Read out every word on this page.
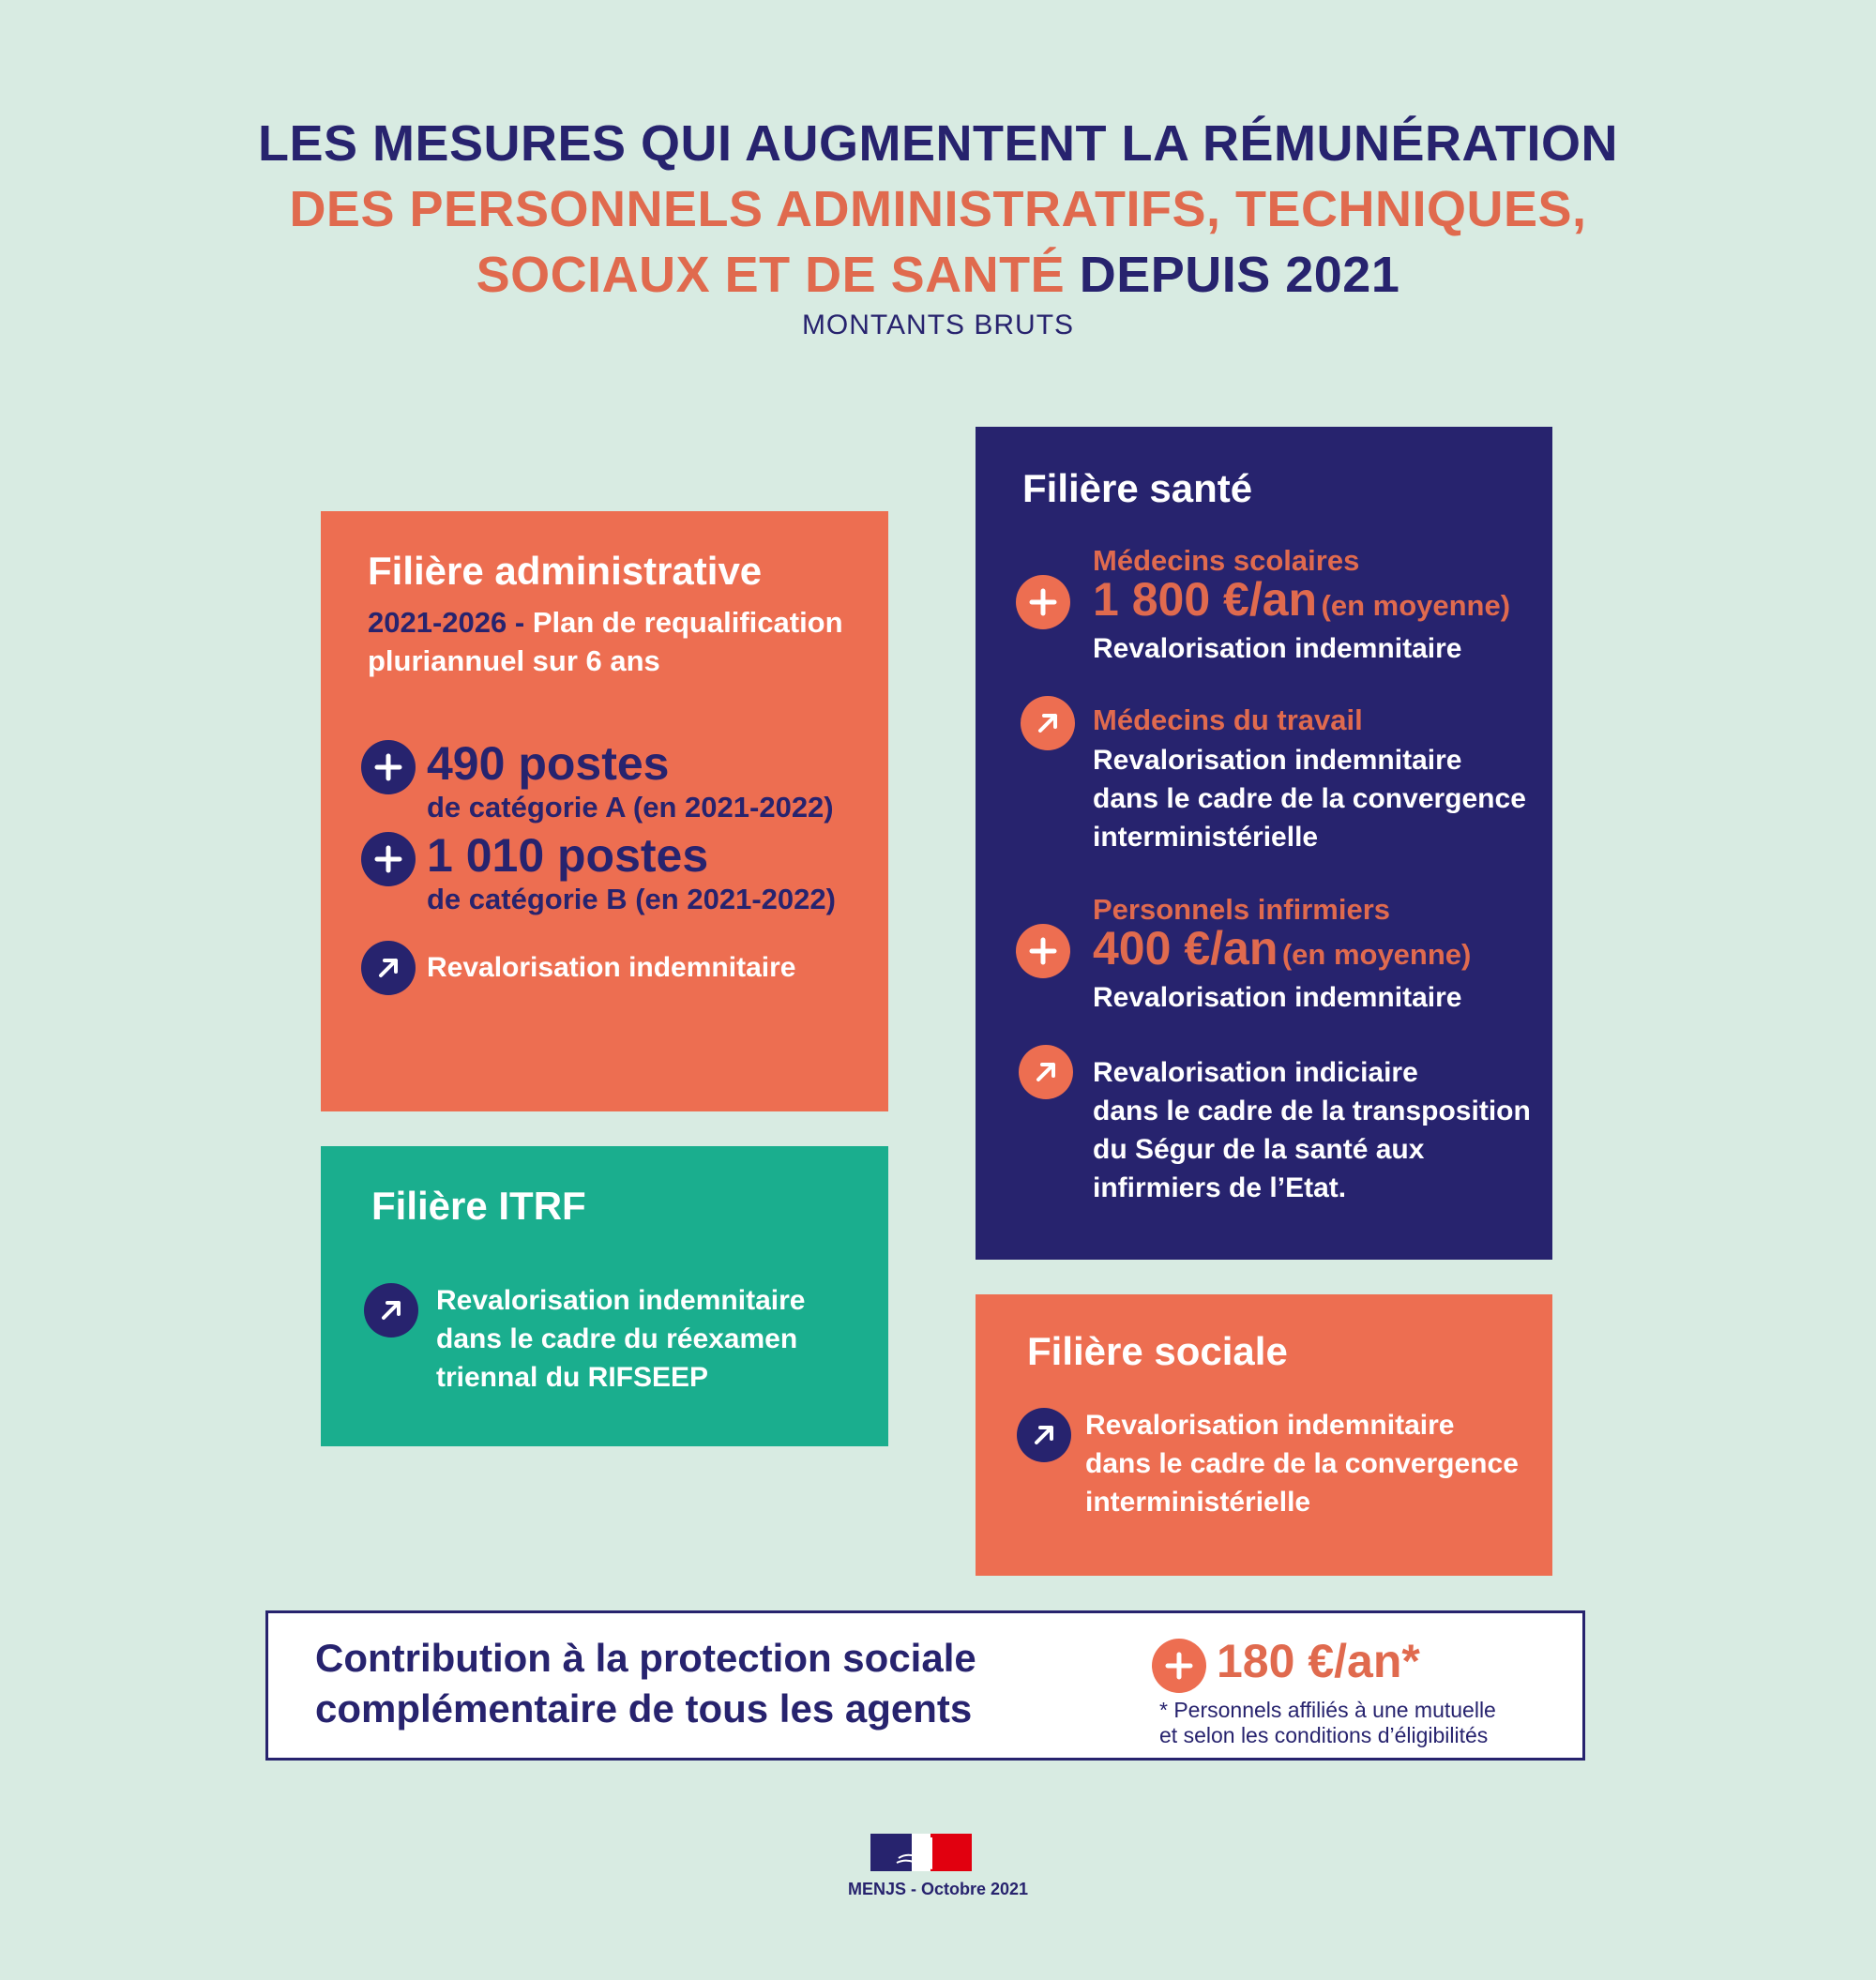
LES MESURES QUI AUGMENTENT LA RÉMUNÉRATION
DES PERSONNELS ADMINISTRATIFS, TECHNIQUES,
SOCIAUX ET DE SANTÉ DEPUIS 2021
MONTANTS BRUTS
Filière administrative
2021-2026 - Plan de requalification
pluriannuel sur 6 ans
490 postes
de catégorie A (en 2021-2022)
1 010 postes
de catégorie B (en 2021-2022)
Revalorisation indemnitaire
Filière ITRF
Revalorisation indemnitaire
dans le cadre du réexamen
triennal du RIFSEEP
Filière santé
Médecins scolaires
1 800 €/an (en moyenne)
Revalorisation indemnitaire
Médecins du travail
Revalorisation indemnitaire
dans le cadre de la convergence
interministérielle
Personnels infirmiers
400 €/an (en moyenne)
Revalorisation indemnitaire
Revalorisation indiciaire
dans le cadre de la transposition
du Ségur de la santé aux
infirmiers de l’Etat.
Filière sociale
Revalorisation indemnitaire
dans le cadre de la convergence
interministérielle
Contribution à la protection sociale
complémentaire de tous les agents
180 €/an*
* Personnels affiliés à une mutuelle
et selon les conditions d’éligibilités
MENJS - Octobre 2021
